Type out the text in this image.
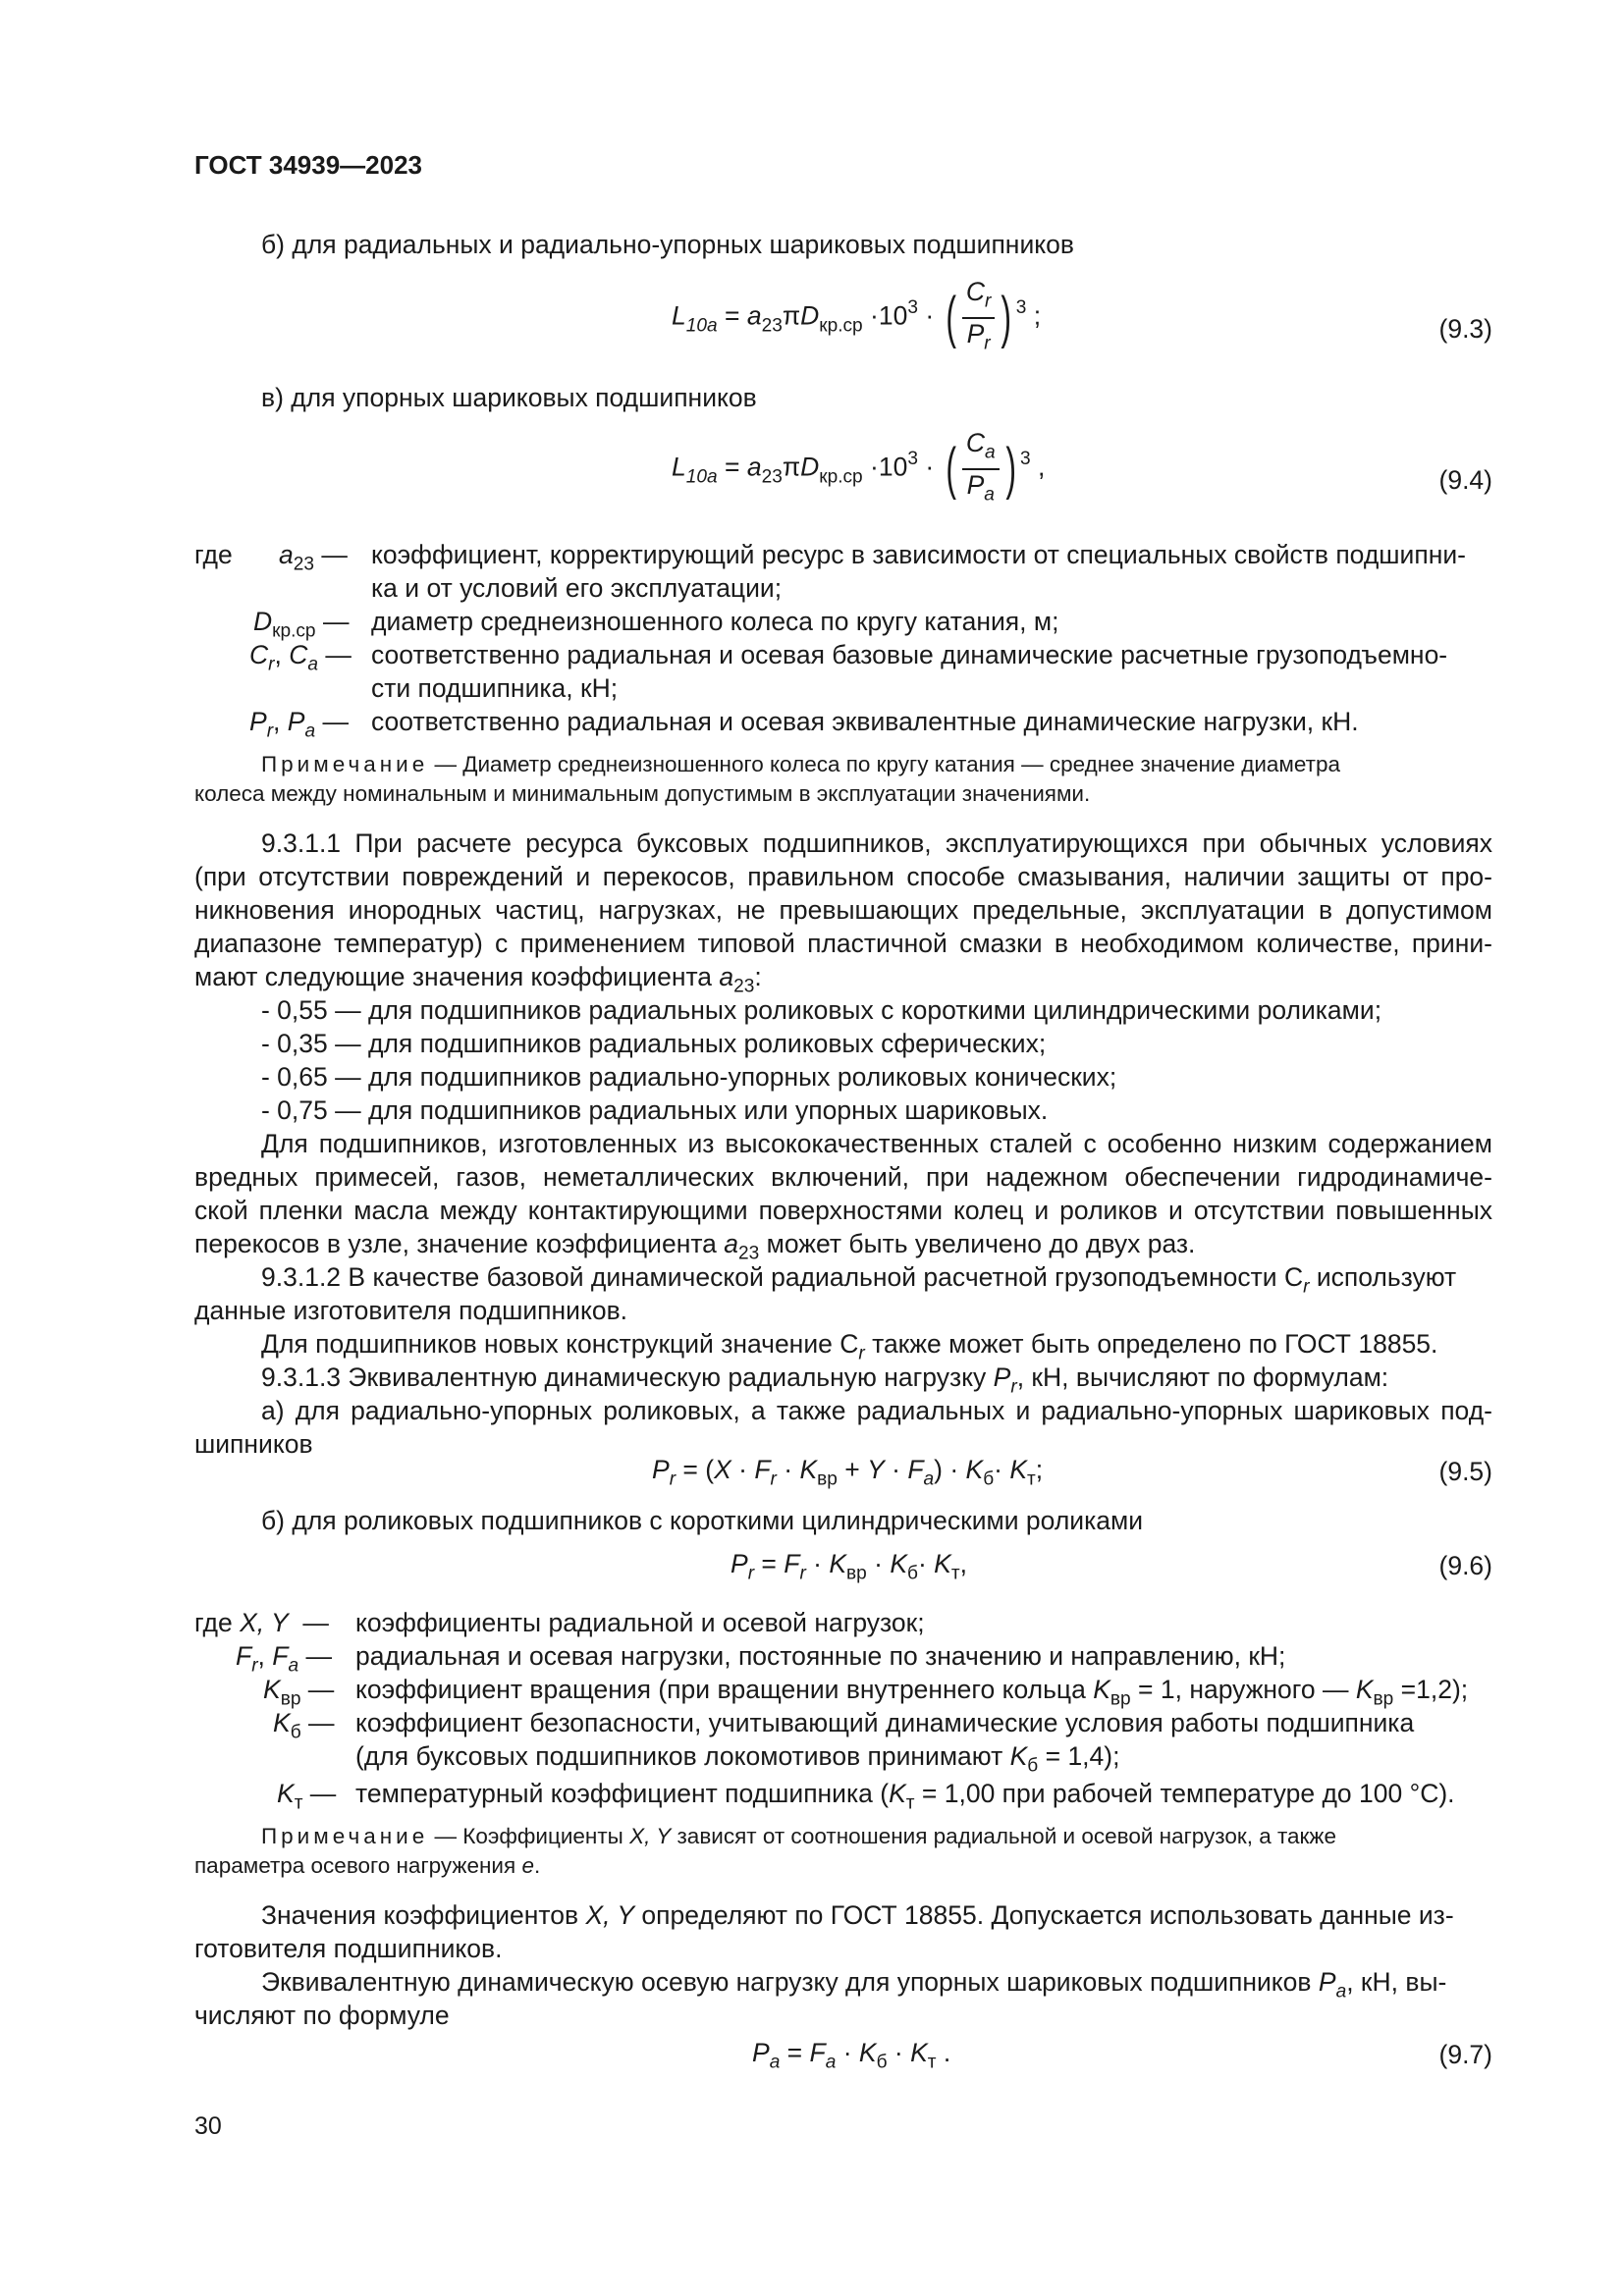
ГОСТ 34939—2023
б) для радиальных и радиально-упорных шариковых подшипников
$L_{10a} = a_{23}\pi D_{кр.ср} \cdot 10^3$ · ( $\frac{C_r}{P_r}$ ) $^3$ ;	(9.3)
в) для упорных шариковых подшипников
$L_{10a} = a_{23}\pi D_{кр.ср} \cdot 10^3$ · ( $\frac{C_a}{P_a}$ ) $^3$ ,	(9.4)
где $a_{23}$ — коэффициент, корректирующий ресурс в зависимости от специальных свойств подшипни-
ка и от условий его эксплуатации;
$D_{кр.ср}$ — диаметр среднеизношенного колеса по кругу катания, м;
$C_r$, $C_a$ — соответственно радиальная и осевая базовые динамические расчетные грузоподъемно-
сти подшипника, кН;
$P_r$, $P_a$ — соответственно радиальная и осевая эквивалентные динамические нагрузки, кН.
Примечание — Диаметр среднеизношенного колеса по кругу катания — среднее значение диаметра
колеса между номинальным и минимальным допустимым в эксплуатации значениями.
9.3.1.1 При расчете ресурса буксовых подшипников, эксплуатирующихся при обычных условиях
(при отсутствии повреждений и перекосов, правильном способе смазывания, наличии защиты от про-
никновения инородных частиц, нагрузках, не превышающих предельные, эксплуатации в допустимом
диапазоне температур) с применением типовой пластичной смазки в необходимом количестве, прини-
мают следующие значения коэффициента $a_{23}$:
- 0,55 — для подшипников радиальных роликовых с короткими цилиндрическими роликами;
- 0,35 — для подшипников радиальных роликовых сферических;
- 0,65 — для подшипников радиально-упорных роликовых конических;
- 0,75 — для подшипников радиальных или упорных шариковых.
Для подшипников, изготовленных из высококачественных сталей с особенно низким содержанием
вредных примесей, газов, неметаллических включений, при надежном обеспечении гидродинамиче-
ской пленки масла между контактирующими поверхностями колец и роликов и отсутствии повышенных
перекосов в узле, значение коэффициента $a_{23}$ может быть увеличено до двух раз.
9.3.1.2 В качестве базовой динамической радиальной расчетной грузоподъемности $C_r$ используют
данные изготовителя подшипников.
Для подшипников новых конструкций значение $C_r$ также может быть определено по ГОСТ 18855.
9.3.1.3 Эквивалентную динамическую радиальную нагрузку $P_r$, кН, вычисляют по формулам:
а) для радиально-упорных роликовых, а также радиальных и радиально-упорных шариковых под-
шипников
$P_r = (X \cdot F_r \cdot K_{вр} + Y \cdot F_a) \cdot K_б\cdot K_т$;	(9.5)
б) для роликовых подшипников с короткими цилиндрическими роликами
$P_r = F_r \cdot K_{вр} \cdot K_б\cdot K_т$,	(9.6)
где X, Y  — коэффициенты радиальной и осевой нагрузок;
$F_r$, $F_a$ — радиальная и осевая нагрузки, постоянные по значению и направлению, кН;
$K_{вр}$ — коэффициент вращения (при вращении внутреннего кольца $K_{вр} = 1$, наружного — $K_{вр} =1,2$);
$K_б$ — коэффициент безопасности, учитывающий динамические условия работы подшипника
(для буксовых подшипников локомотивов принимают $K_б = 1,4$);
$K_т$ — температурный коэффициент подшипника ($K_т = 1,00$ при рабочей температуре до 100 °С).
Примечание — Коэффициенты X, Y зависят от соотношения радиальной и осевой нагрузок, а также
параметра осевого нагружения e.
Значения коэффициентов X, Y определяют по ГОСТ 18855. Допускается использовать данные из-
готовителя подшипников.
Эквивалентную динамическую осевую нагрузку для упорных шариковых подшипников $P_a$, кН, вы-
числяют по формуле
$P_a = F_a \cdot K_б \cdot K_т$ .	(9.7)
30
